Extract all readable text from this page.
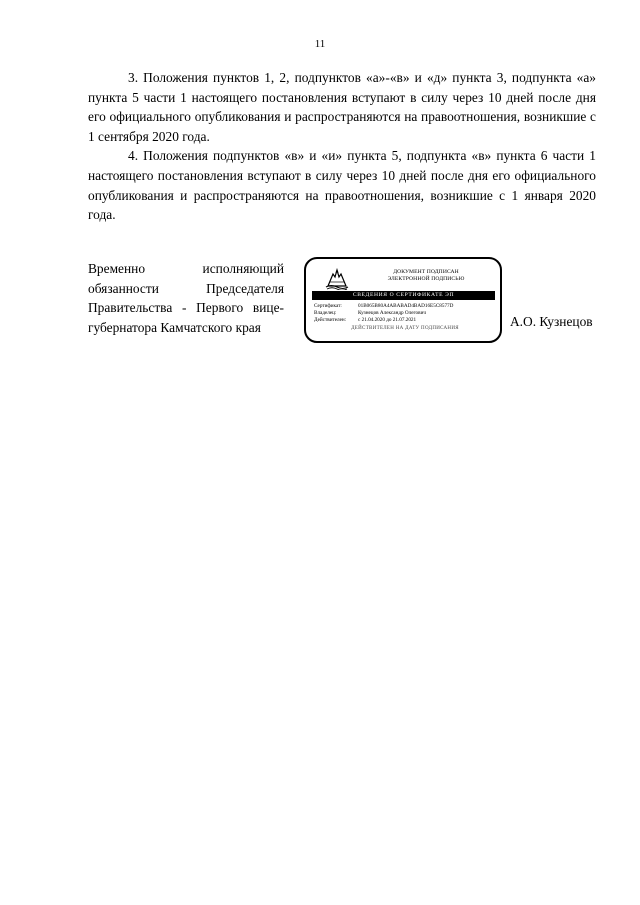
11

3. Положения пунктов 1, 2, подпунктов «а»-«в» и «д» пункта 3, подпункта «а» пункта 5 части 1 настоящего постановления вступают в силу через 10 дней после дня его официального опубликования и распространяются на правоотношения, возникшие с 1 сентября 2020 года.

4. Положения подпунктов «в» и «и» пункта 5, подпункта «в» пункта 6 части 1 настоящего постановления вступают в силу через 10 дней после дня его официального опубликования и распространяются на правоотношения, возникшие с 1 января 2020 года.

Временно исполняющий
обязанности Председателя
Правительства - Первого вице-
губернатора Камчатского края
ДОКУМЕНТ ПОДПИСАН
ЭЛЕКТРОННОЙ ПОДПИСЬЮ
СВЕДЕНИЯ О СЕРТИФИКАТЕ ЭП
Сертификат:	01B065B80A4ABABAD4BAD16E5C8577D
Владелец:	Кузнецов Александр Олегович
Действителен: с 21.04.2020 до 21.07.2021
ДЕЙСТВИТЕЛЕН НА ДАТУ ПОДПИСАНИЯ	А.О. Кузнецов
